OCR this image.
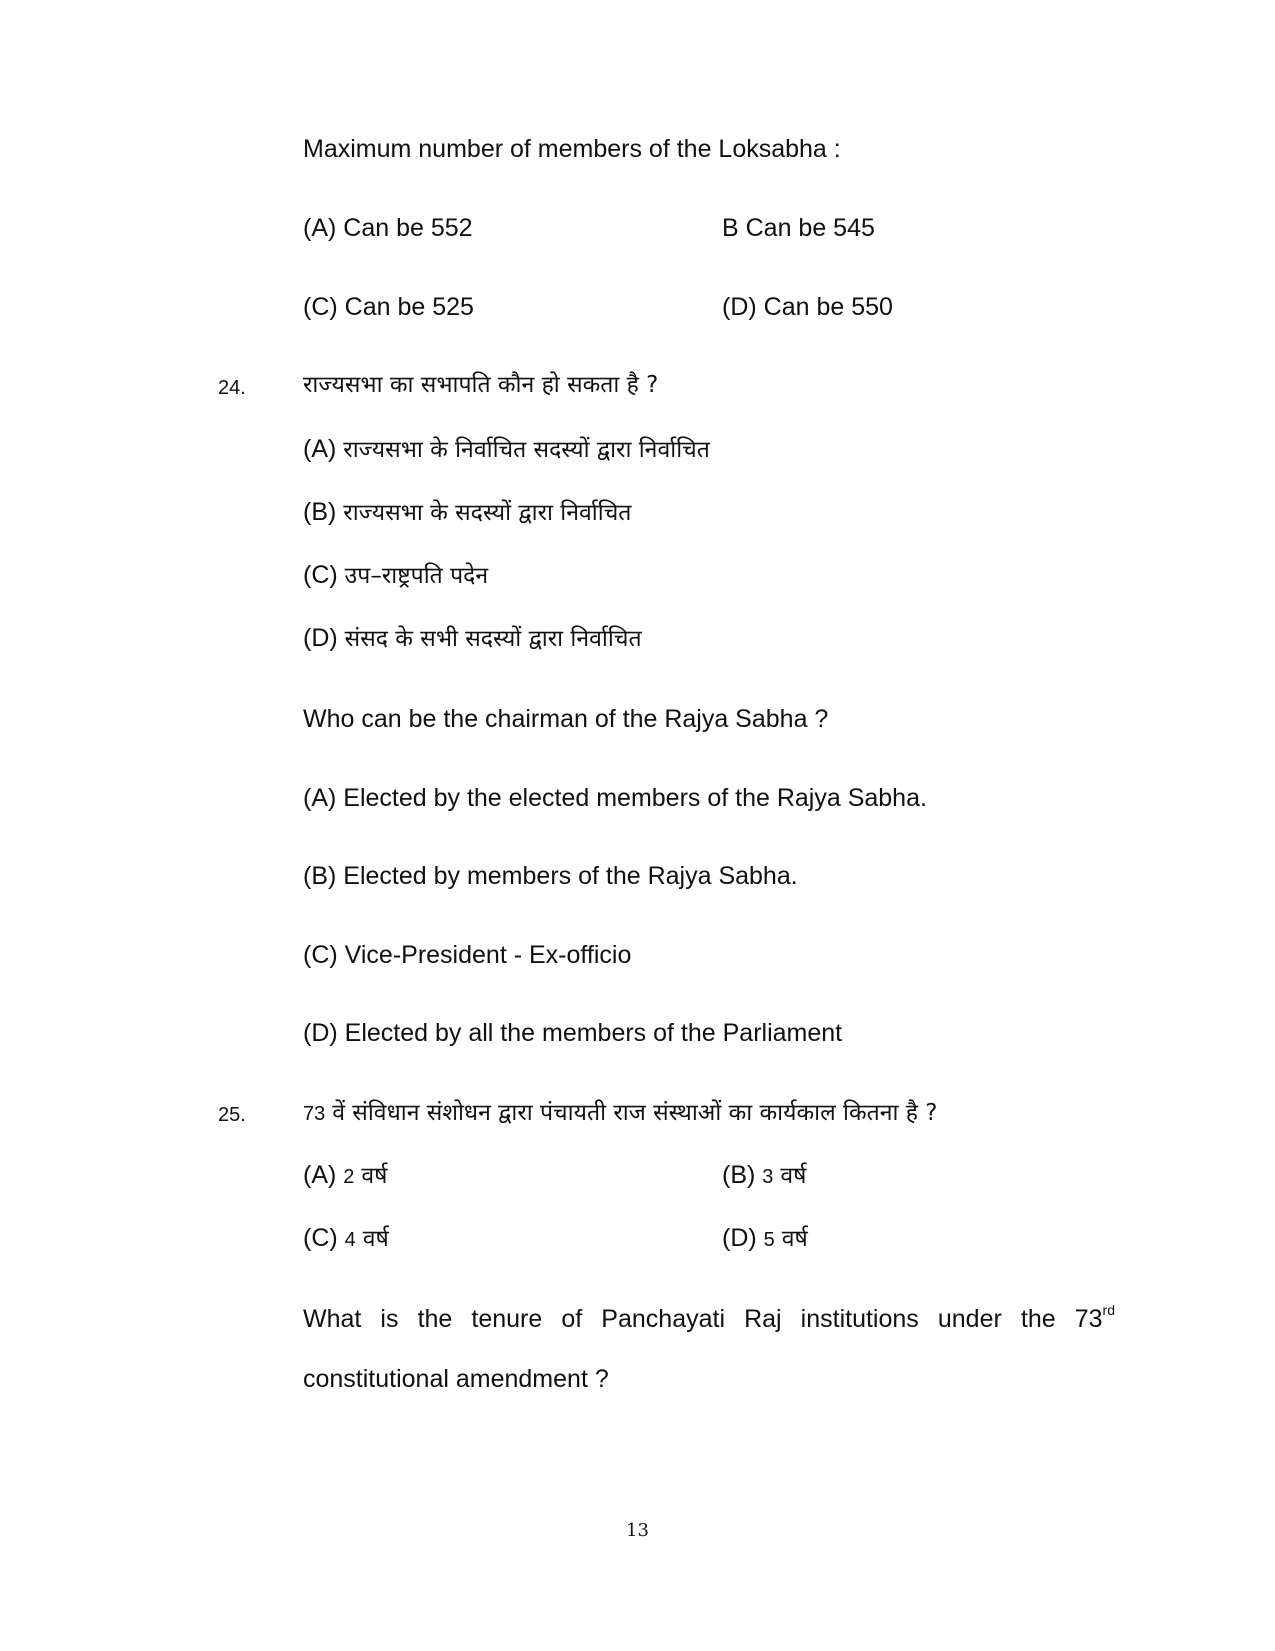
Maximum number of members of the Loksabha :
(A) Can be 552	B Can be 545
(C) Can be 525	(D) Can be 550
24. राज्यसभा का सभापति कौन हो सकता है ?
(A) राज्यसभा के निर्वाचित सदस्यों द्वारा निर्वाचित
(B) राज्यसभा के सदस्यों द्वारा निर्वाचित
(C) उप–राष्ट्रपति पदेन
(D) संसद के सभी सदस्यों द्वारा निर्वाचित
Who can be the chairman of the Rajya Sabha ?
(A) Elected by the elected members of the Rajya Sabha.
(B) Elected by members of the Rajya Sabha.
(C) Vice-President - Ex-officio
(D) Elected by all the members of the Parliament
25.	73 वें संविधान संशोधन द्वारा पंचायती राज संस्थाओं का कार्यकाल कितना है ?
(A) 2 वर्ष	(B) 3 वर्ष
(C) 4 वर्ष	(D) 5 वर्ष
What is the tenure of Panchayati Raj institutions under the 73rd
constitutional amendment ?
13
